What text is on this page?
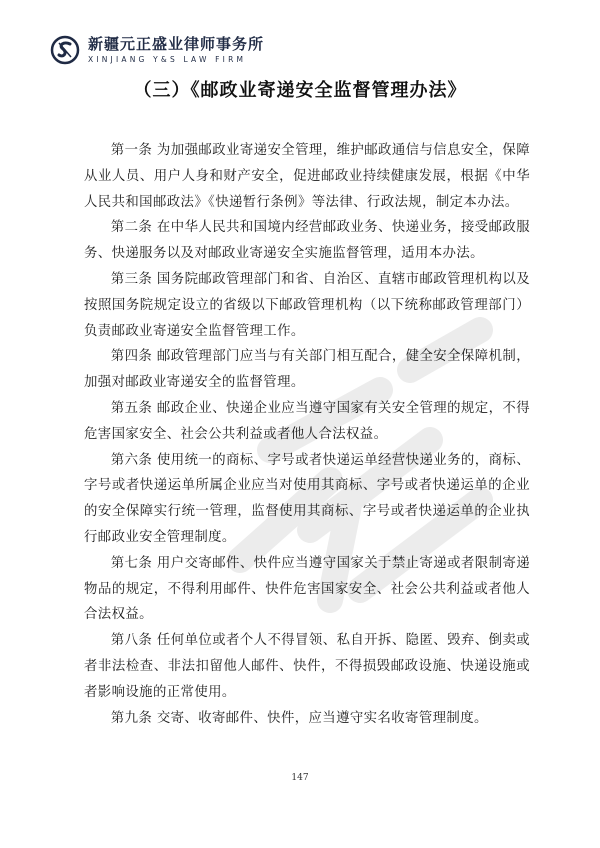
新疆元正盛业律师事务所
XINJIANG Y&S LAW FIRM
（三）《邮政业寄递安全监督管理办法》

第一条 为加强邮政业寄递安全管理，维护邮政通信与信息安全，保障从业人员、用户人身和财产安全，促进邮政业持续健康发展，根据《中华人民共和国邮政法》《快递暂行条例》等法律、行政法规，制定本办法。

第二条 在中华人民共和国境内经营邮政业务、快递业务，接受邮政服务、快递服务以及对邮政业寄递安全实施监督管理，适用本办法。

第三条 国务院邮政管理部门和省、自治区、直辖市邮政管理机构以及按照国务院规定设立的省级以下邮政管理机构（以下统称邮政管理部门）负责邮政业寄递安全监督管理工作。

第四条 邮政管理部门应当与有关部门相互配合，健全安全保障机制，加强对邮政业寄递安全的监督管理。

第五条 邮政企业、快递企业应当遵守国家有关安全管理的规定，不得危害国家安全、社会公共利益或者他人合法权益。

第六条 使用统一的商标、字号或者快递运单经营快递业务的，商标、字号或者快递运单所属企业应当对使用其商标、字号或者快递运单的企业的安全保障实行统一管理，监督使用其商标、字号或者快递运单的企业执行邮政业安全管理制度。

第七条 用户交寄邮件、快件应当遵守国家关于禁止寄递或者限制寄递物品的规定，不得利用邮件、快件危害国家安全、社会公共利益或者他人合法权益。

第八条 任何单位或者个人不得冒领、私自开拆、隐匿、毁弃、倒卖或者非法检查、非法扣留他人邮件、快件，不得损毁邮政设施、快递设施或者影响设施的正常使用。

第九条 交寄、收寄邮件、快件，应当遵守实名收寄管理制度。

147
